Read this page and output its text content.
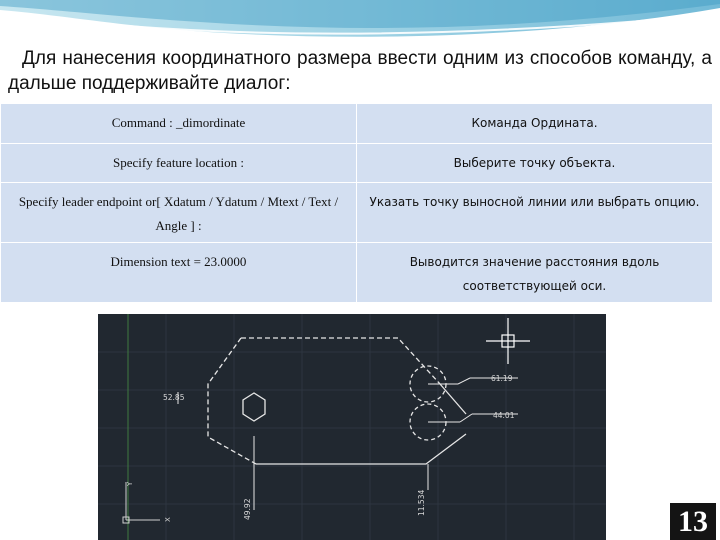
Для нанесения координатного размера ввести одним из способов команду, а дальше поддерживайте диалог:
Command : _dimordinate	Команда Ордината.
Specify feature location :	Выберите точку объекта.
Specify leader endpoint or[ Xdatum / Ydatum / Mtext / Text / Angle ] :	Указать точку выносной линии или выбрать опцию.
Dimension text = 23.0000	Выводится значение расстояния вдоль соответствующей оси.
61.19
44.01
52.85
49.92	11.534
Y
X	13
